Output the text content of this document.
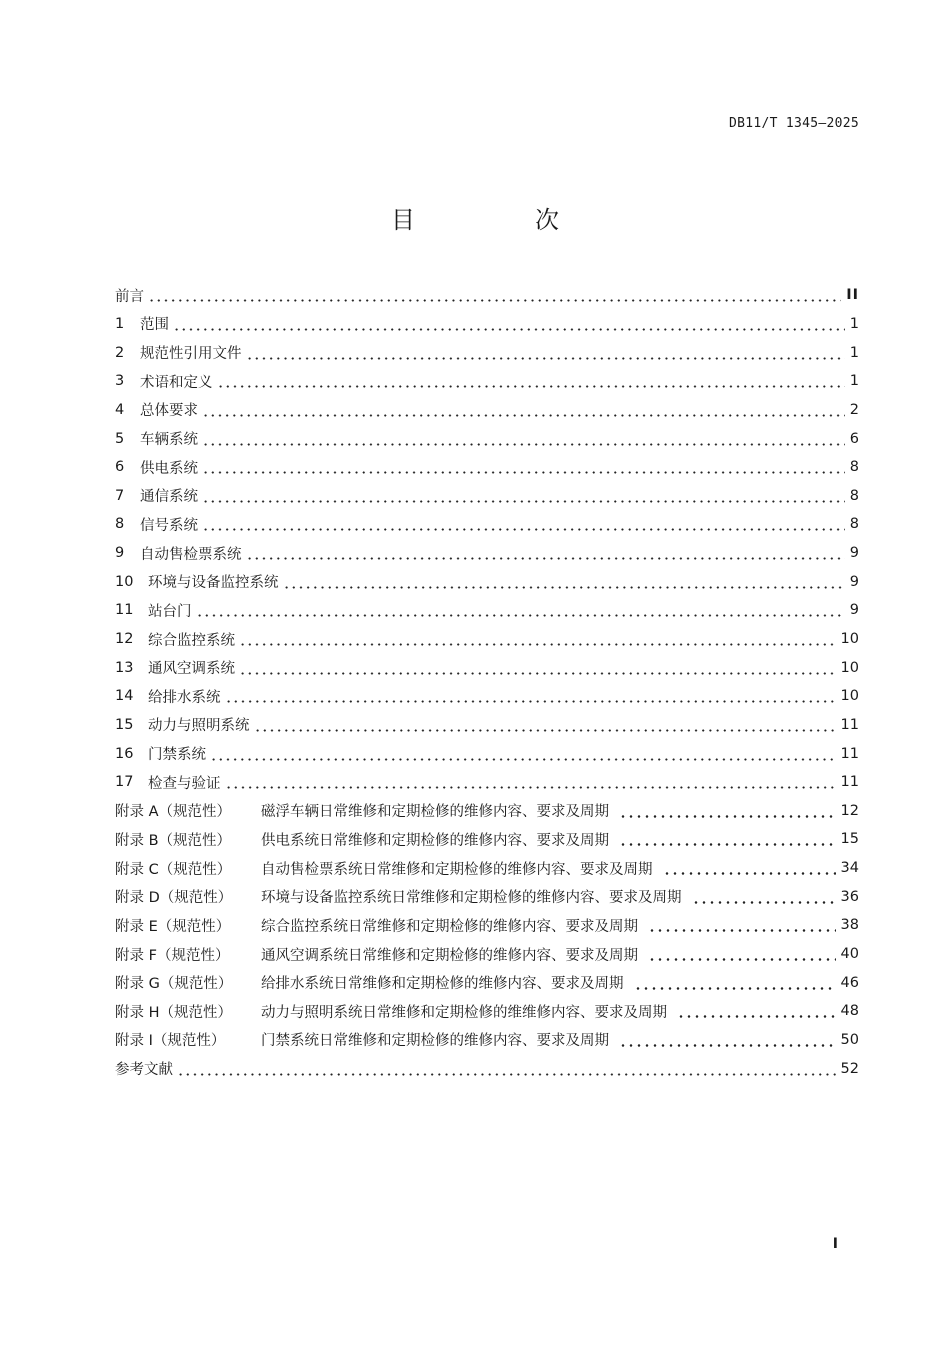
DB11/T 1345—2025
目　次
前言	II
1	范围	1
2	规范性引用文件	1
3	术语和定义	1
4	总体要求	2
5	车辆系统	6
6	供电系统	8
7	通信系统	8
8	信号系统	8
9	自动售检票系统	9
10	环境与设备监控系统	9
11	站台门	9
12	综合监控系统	10
13	通风空调系统	10
14	给排水系统	10
15	动力与照明系统	11
16	门禁系统	11
17	检查与验证	11
附录 A（规范性）	磁浮车辆日常维修和定期检修的维修内容、要求及周期	12
附录 B（规范性）	供电系统日常维修和定期检修的维修内容、要求及周期	15
附录 C（规范性）	自动售检票系统日常维修和定期检修的维修内容、要求及周期	34
附录 D（规范性）	环境与设备监控系统日常维修和定期检修的维修内容、要求及周期	36
附录 E（规范性）	综合监控系统日常维修和定期检修的维修内容、要求及周期	38
附录 F（规范性）	通风空调系统日常维修和定期检修的维修内容、要求及周期	40
附录 G（规范性）	给排水系统日常维修和定期检修的维修内容、要求及周期	46
附录 H（规范性）	动力与照明系统日常维修和定期检修的维维修内容、要求及周期	48
附录 I（规范性）	门禁系统日常维修和定期检修的维修内容、要求及周期	50
参考文献	52
I
